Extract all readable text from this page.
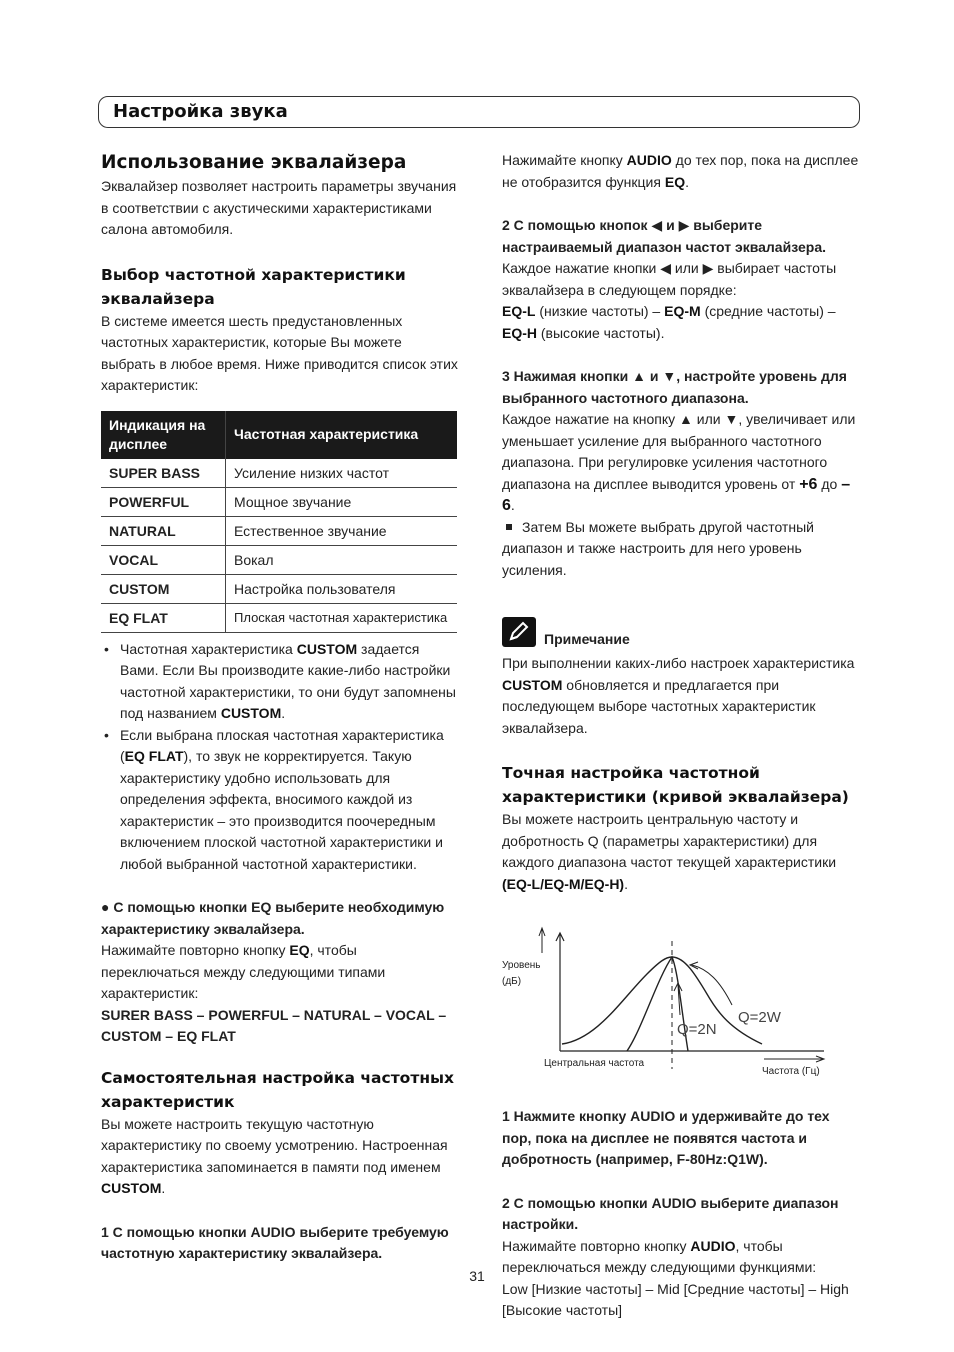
Настройка звука
Использование эквалайзера

Эквалайзер позволяет настроить параметры звучания в соответствии с акустическими характеристиками салона автомобиля.

Выбор частотной характеристики эквалайзера

В системе имеется шесть предустановленных частотных характеристик, которые Вы можете выбрать в любое время. Ниже приводится список этих характеристик:

Индикация на дисплее	Частотная характеристика
SUPER BASS	Усиление низких частот
POWERFUL	Мощное звучание
NATURAL	Естественное звучание
VOCAL	Вокал
CUSTOM	Настройка пользователя
EQ FLAT	Плоская частотная характеристика
• Частотная характеристика CUSTOM задается Вами. Если Вы производите какие-либо настройки частотной характеристики, то они будут запомнены под названием CUSTOM.
• Если выбрана плоская частотная характеристика (EQ FLAT), то звук не корректируется. Такую характеристику удобно использовать для определения эффекта, вносимого каждой из характеристик – это производится поочередным включением плоской частотной характеристики и любой выбранной частотной характеристики.
● С помощью кнопки EQ выберите необходимую характеристику эквалайзера.

Нажимайте повторно кнопку EQ, чтобы переключаться между следующими типами характеристик:

SURER BASS – POWERFUL – NATURAL – VOCAL – CUSTOM – EQ FLAT

Самостоятельная настройка частотных характеристик

Вы можете настроить текущую частотную характеристику по своему усмотрению. Настроенная характеристика запоминается в памяти под именем CUSTOM.

1 С помощью кнопки AUDIO выберите требуемую частотную характеристику эквалайзера.

Нажимайте кнопку AUDIO до тех пор, пока на дисплее не отобразится функция EQ.

2 С помощью кнопок ◀ и ▶ выберите настраиваемый диапазон частот эквалайзера.

Каждое нажатие кнопки ◀ или ▶ выбирает частоты эквалайзера в следующем порядке:
EQ-L (низкие частоты) – EQ-M (средние частоты) – EQ-H (высокие частоты).

3 Нажимая кнопки ▲ и ▼, настройте уровень для выбранного частотного диапазона.

Каждое нажатие на кнопку ▲ или ▼, увеличивает или уменьшает усиление для выбранного частотного диапазона. При регулировке усиления частотного диапазона на дисплее выводится уровень от +6 до –6.

Затем Вы можете выбрать другой частотный диапазон и также настроить для него уровень усиления.

Примечание

При выполнении каких-либо настроек характеристика CUSTOM обновляется и предлагается при последующем выборе частотных характеристик эквалайзера.

Точная настройка частотной характеристики (кривой эквалайзера)

Вы можете настроить центральную частоту и добротность Q (параметры характеристики) для каждого диапазона частот текущей характеристики (EQ-L/EQ-M/EQ-H).

Уровень
(дБ)
Q=2N
Q=2W
Центральная частота
Частота (Гц)
1 Нажмите кнопку AUDIO и удерживайте до тех пор, пока на дисплее не появятся частота и добротность (например, F-80Hz:Q1W).
2 С помощью кнопки AUDIO выберите диапазон настройки.

Нажимайте повторно кнопку AUDIO, чтобы переключаться между следующими функциями:

Low [Низкие частоты] – Mid [Средние частоты] – High [Высокие частоты]

31
